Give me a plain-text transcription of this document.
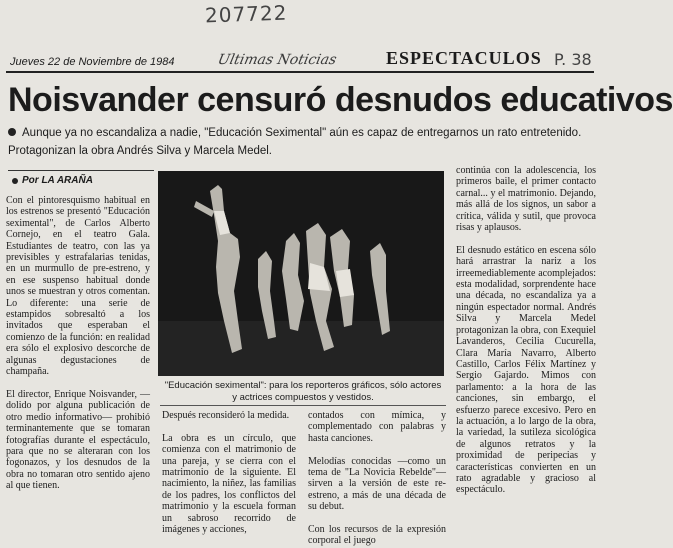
207722
Jueves 22 de Noviembre de 1984	Ultimas Noticias	ESPECTACULOS P. 38
Noisvander censuró desnudos educativos
Aunque ya no escandaliza a nadie, "Educación Seximental" aún es capaz de entregarnos un rato entretenido. Protagonizan la obra Andrés Silva y Marcela Medel.
Por LA ARAÑA
Con el pintoresquismo habitual en los estrenos se presentó "Educación seximental", de Carlos Alberto Cornejo, en el teatro Gala. Estudiantes de teatro, con las ya previsibles y estrafalarias tenidas, en un murmullo de pre-estreno, y en ese suspenso habitual donde unos se muestran y otros comentan. Lo diferente: una serie de estampidos sobresaltó a los invitados que esperaban el comienzo de la función: en realidad era sólo el explosivo descorche de algunas degustaciones de champaña.

El director, Enrique Noisvander, —dolido por alguna publicación de otro medio informativo— prohibió terminantemente que se tomaran fotografías durante el espectáculo, para que no se alteraran con los fogonazos, y los desnudos de la obra no tomaran otro sentido ajeno al que tienen.
"Educación seximental": para los reporteros gráficos, sólo actores y actrices compuestos y vestidos.
Después reconsideró la medida.

La obra es un círculo, que comienza con el matrimonio de una pareja, y se cierra con el matrimonio de la siguiente. El nacimiento, la niñez, las familias de los padres, los conflictos del matrimonio y la escuela forman un sabroso recorrido de imágenes y acciones,
contados con mímica, y complementado con palabras y hasta canciones.

Melodías conocidas —como un tema de "La Novicia Rebelde"— sirven a la versión de este re-estreno, a más de una década de su debut.

Con los recursos de la expresión corporal el juego
continúa con la adolescencia, los primeros baile, el primer contacto carnal... y el matrimonio. Dejando, más allá de los signos, un sabor a crítica, válida y sutil, que provoca risas y aplausos.

El desnudo estático en escena sólo hará arrastrar la nariz a los irreemediablemente acomplejados: esta modalidad, sorprendente hace una década, no escandaliza ya a ningún espectador normal. Andrés Silva y Marcela Medel protagonizan la obra, con Exequiel Lavanderos, Cecilia Cucurella, Clara María Navarro, Alberto Castillo, Carlos Félix Martínez y Sergio Gajardo. Mimos con parlamento: a la hora de las canciones, sin embargo, el esfuerzo parece excesivo. Pero en la actuación, a lo largo de la obra, la variedad, la sutileza sicológica de algunos retratos y la proximidad de peripecias y características convierten en un rato agradable y gracioso al espectáculo.
